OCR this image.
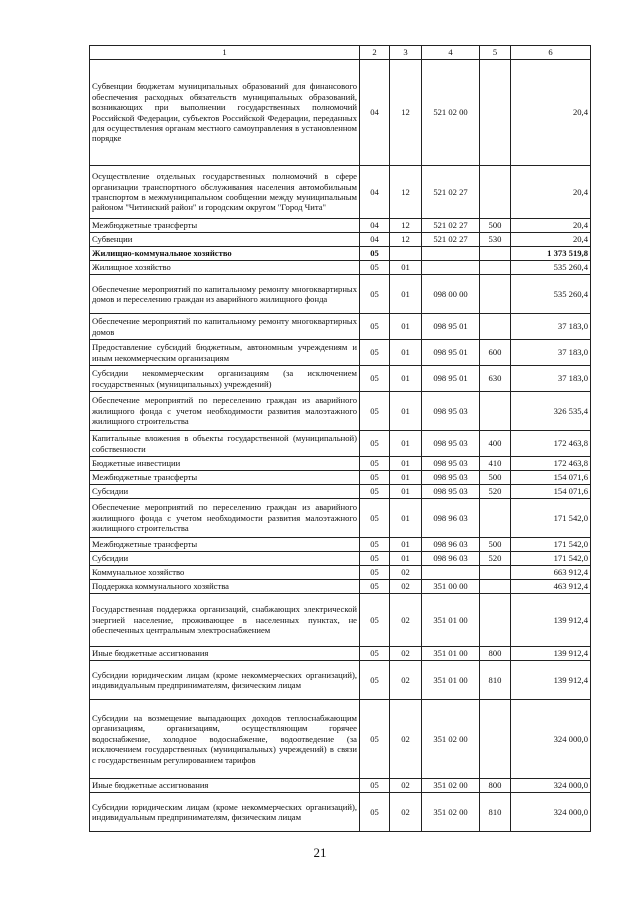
1	2	3	4	5	6
Субвенции бюджетам муниципальных образований для финансового обеспечения расходных обязательств муниципальных образований, возникающих при выполнении государственных полномочий Российской Федерации, субъектов Российской Федерации, переданных для осуществления органам местного самоуправления в установленном порядке	04	12	521 02 00		20,4
Осуществление отдельных государственных полномочий в сфере организации транспортного обслуживания населения автомобильным транспортом в межмуниципальном сообщении между муниципальным районом "Читинский район" и городским округом "Город Чита"	04	12	521 02 27		20,4
Межбюджетные трансферты	04	12	521 02 27	500	20,4
Субвенции	04	12	521 02 27	530	20,4
Жилищно-коммунальное хозяйство	05				1 373 519,8
Жилищное хозяйство	05	01			535 260,4
Обеспечение мероприятий по капитальному ремонту многоквартирных домов и переселению граждан из аварийного жилищного фонда	05	01	098 00 00		535 260,4
Обеспечение мероприятий по капитальному ремонту многоквартирных домов	05	01	098 95 01		37 183,0
Предоставление субсидий бюджетным, автономным учреждениям и иным некоммерческим организациям	05	01	098 95 01	600	37 183,0
Субсидии некоммерческим организациям (за исключением государственных (муниципальных) учреждений)	05	01	098 95 01	630	37 183,0
Обеспечение мероприятий по переселению граждан из аварийного жилищного фонда с учетом необходимости развития малоэтажного жилищного строительства	05	01	098 95 03		326 535,4
Капитальные вложения в объекты государственной (муниципальной) собственности	05	01	098 95 03	400	172 463,8
Бюджетные инвестиции	05	01	098 95 03	410	172 463,8
Межбюджетные трансферты	05	01	098 95 03	500	154 071,6
Субсидии	05	01	098 95 03	520	154 071,6
Обеспечение мероприятий по переселению граждан из аварийного жилищного фонда с учетом необходимости развития малоэтажного жилищного строительства	05	01	098 96 03		171 542,0
Межбюджетные трансферты	05	01	098 96 03	500	171 542,0
Субсидии	05	01	098 96 03	520	171 542,0
Коммунальное хозяйство	05	02			663 912,4
Поддержка коммунального хозяйства	05	02	351 00 00		463 912,4
Государственная поддержка организаций, снабжающих электрической энергией население, проживающее в населенных пунктах, не обеспеченных центральным электроснабжением	05	02	351 01 00		139 912,4
Иные бюджетные ассигнования	05	02	351 01 00	800	139 912,4
Субсидии юридическим лицам (кроме некоммерческих организаций), индивидуальным предпринимателям, физическим лицам	05	02	351 01 00	810	139 912,4
Субсидии на возмещение выпадающих доходов теплоснабжающим организациям, организациям, осуществляющим горячее водоснабжение, холодное водоснабжение, водоотведение (за исключением государственных (муниципальных) учреждений) в связи с государственным регулированием тарифов	05	02	351 02 00		324 000,0
Иные бюджетные ассигнования	05	02	351 02 00	800	324 000,0
Субсидии юридическим лицам (кроме некоммерческих организаций), индивидуальным предпринимателям, физическим лицам	05	02	351 02 00	810	324 000,0
21
